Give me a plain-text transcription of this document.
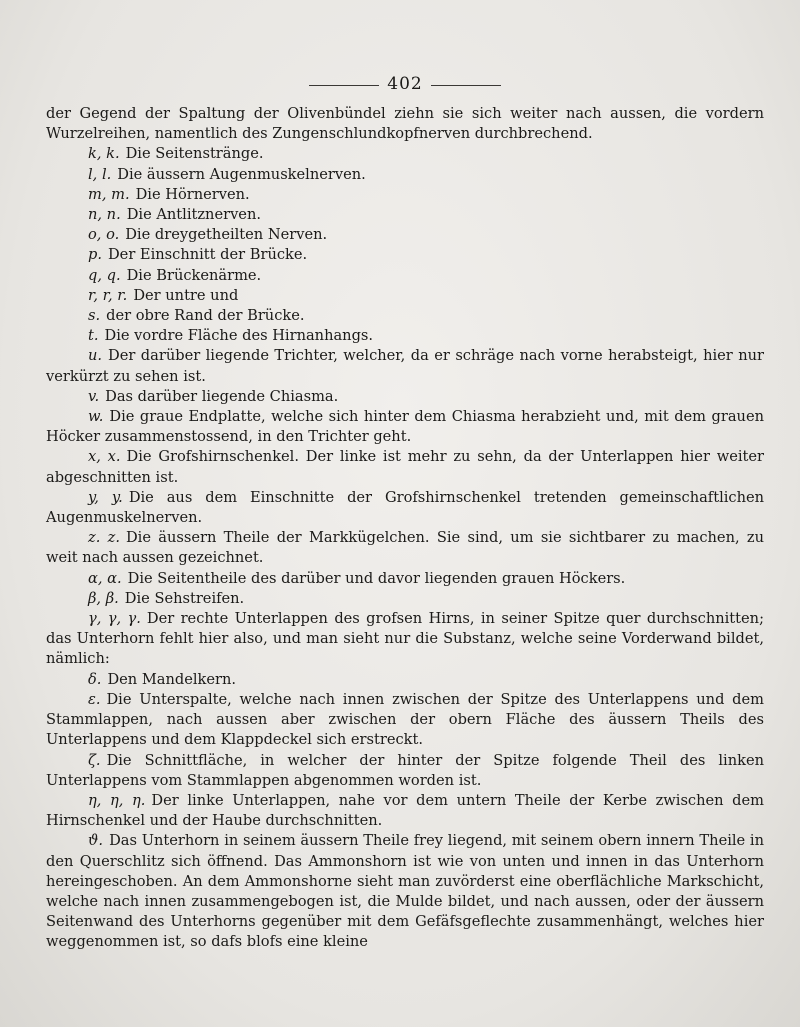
402

der Gegend der Spaltung der Olivenbündel ziehn sie sich weiter nach aussen, die vordern Wurzelreihen, namentlich des Zungenschlundkopfnerven durchbrechend.

k, k. Die Seitenstränge.

l, l. Die äussern Augenmuskelnerven.

m, m. Die Hörnerven.

n, n. Die Antlitznerven.

o, o. Die dreygetheilten Nerven.

p. Der Einschnitt der Brücke.

q, q. Die Brückenärme.

r, r, r. Der untre und

s. der obre Rand der Brücke.

t. Die vordre Fläche des Hirnanhangs.

u. Der darüber liegende Trichter, welcher, da er schräge nach vorne herabsteigt, hier nur verkürzt zu sehen ist.

v. Das darüber liegende Chiasma.

w. Die graue Endplatte, welche sich hinter dem Chiasma herabzieht und, mit dem grauen Höcker zusammenstossend, in den Trichter geht.

x, x. Die Grofshirnschenkel. Der linke ist mehr zu sehn, da der Unterlappen hier weiter abgeschnitten ist.

y, y. Die aus dem Einschnitte der Grofshirnschenkel tretenden gemeinschaftlichen Augenmuskelnerven.

z. z. Die äussern Theile der Markkügelchen. Sie sind, um sie sichtbarer zu machen, zu weit nach aussen gezeichnet.

α, α. Die Seitentheile des darüber und davor liegenden grauen Höckers.

β, β. Die Sehstreifen.

γ, γ, γ. Der rechte Unterlappen des grofsen Hirns, in seiner Spitze quer durchschnitten; das Unterhorn fehlt hier also, und man sieht nur die Substanz, welche seine Vorderwand bildet, nämlich:

δ. Den Mandelkern.

ε. Die Unterspalte, welche nach innen zwischen der Spitze des Unterlappens und dem Stammlappen, nach aussen aber zwischen der obern Fläche des äussern Theils des Unterlappens und dem Klappdeckel sich erstreckt.

ζ. Die Schnittfläche, in welcher der hinter der Spitze folgende Theil des linken Unterlappens vom Stammlappen abgenommen worden ist.

η, η, η. Der linke Unterlappen, nahe vor dem untern Theile der Kerbe zwischen dem Hirnschenkel und der Haube durchschnitten.

ϑ. Das Unterhorn in seinem äussern Theile frey liegend, mit seinem obern innern Theile in den Querschlitz sich öffnend. Das Ammonshorn ist wie von unten und innen in das Unterhorn hereingeschoben. An dem Ammonshorne sieht man zuvörderst eine oberflächliche Markschicht, welche nach innen zusammengebogen ist, die Mulde bildet, und nach aussen, oder der äussern Seitenwand des Unterhorns gegenüber mit dem Gefäfsgeflechte zusammenhängt, welches hier weggenommen ist, so dafs blofs eine kleine
